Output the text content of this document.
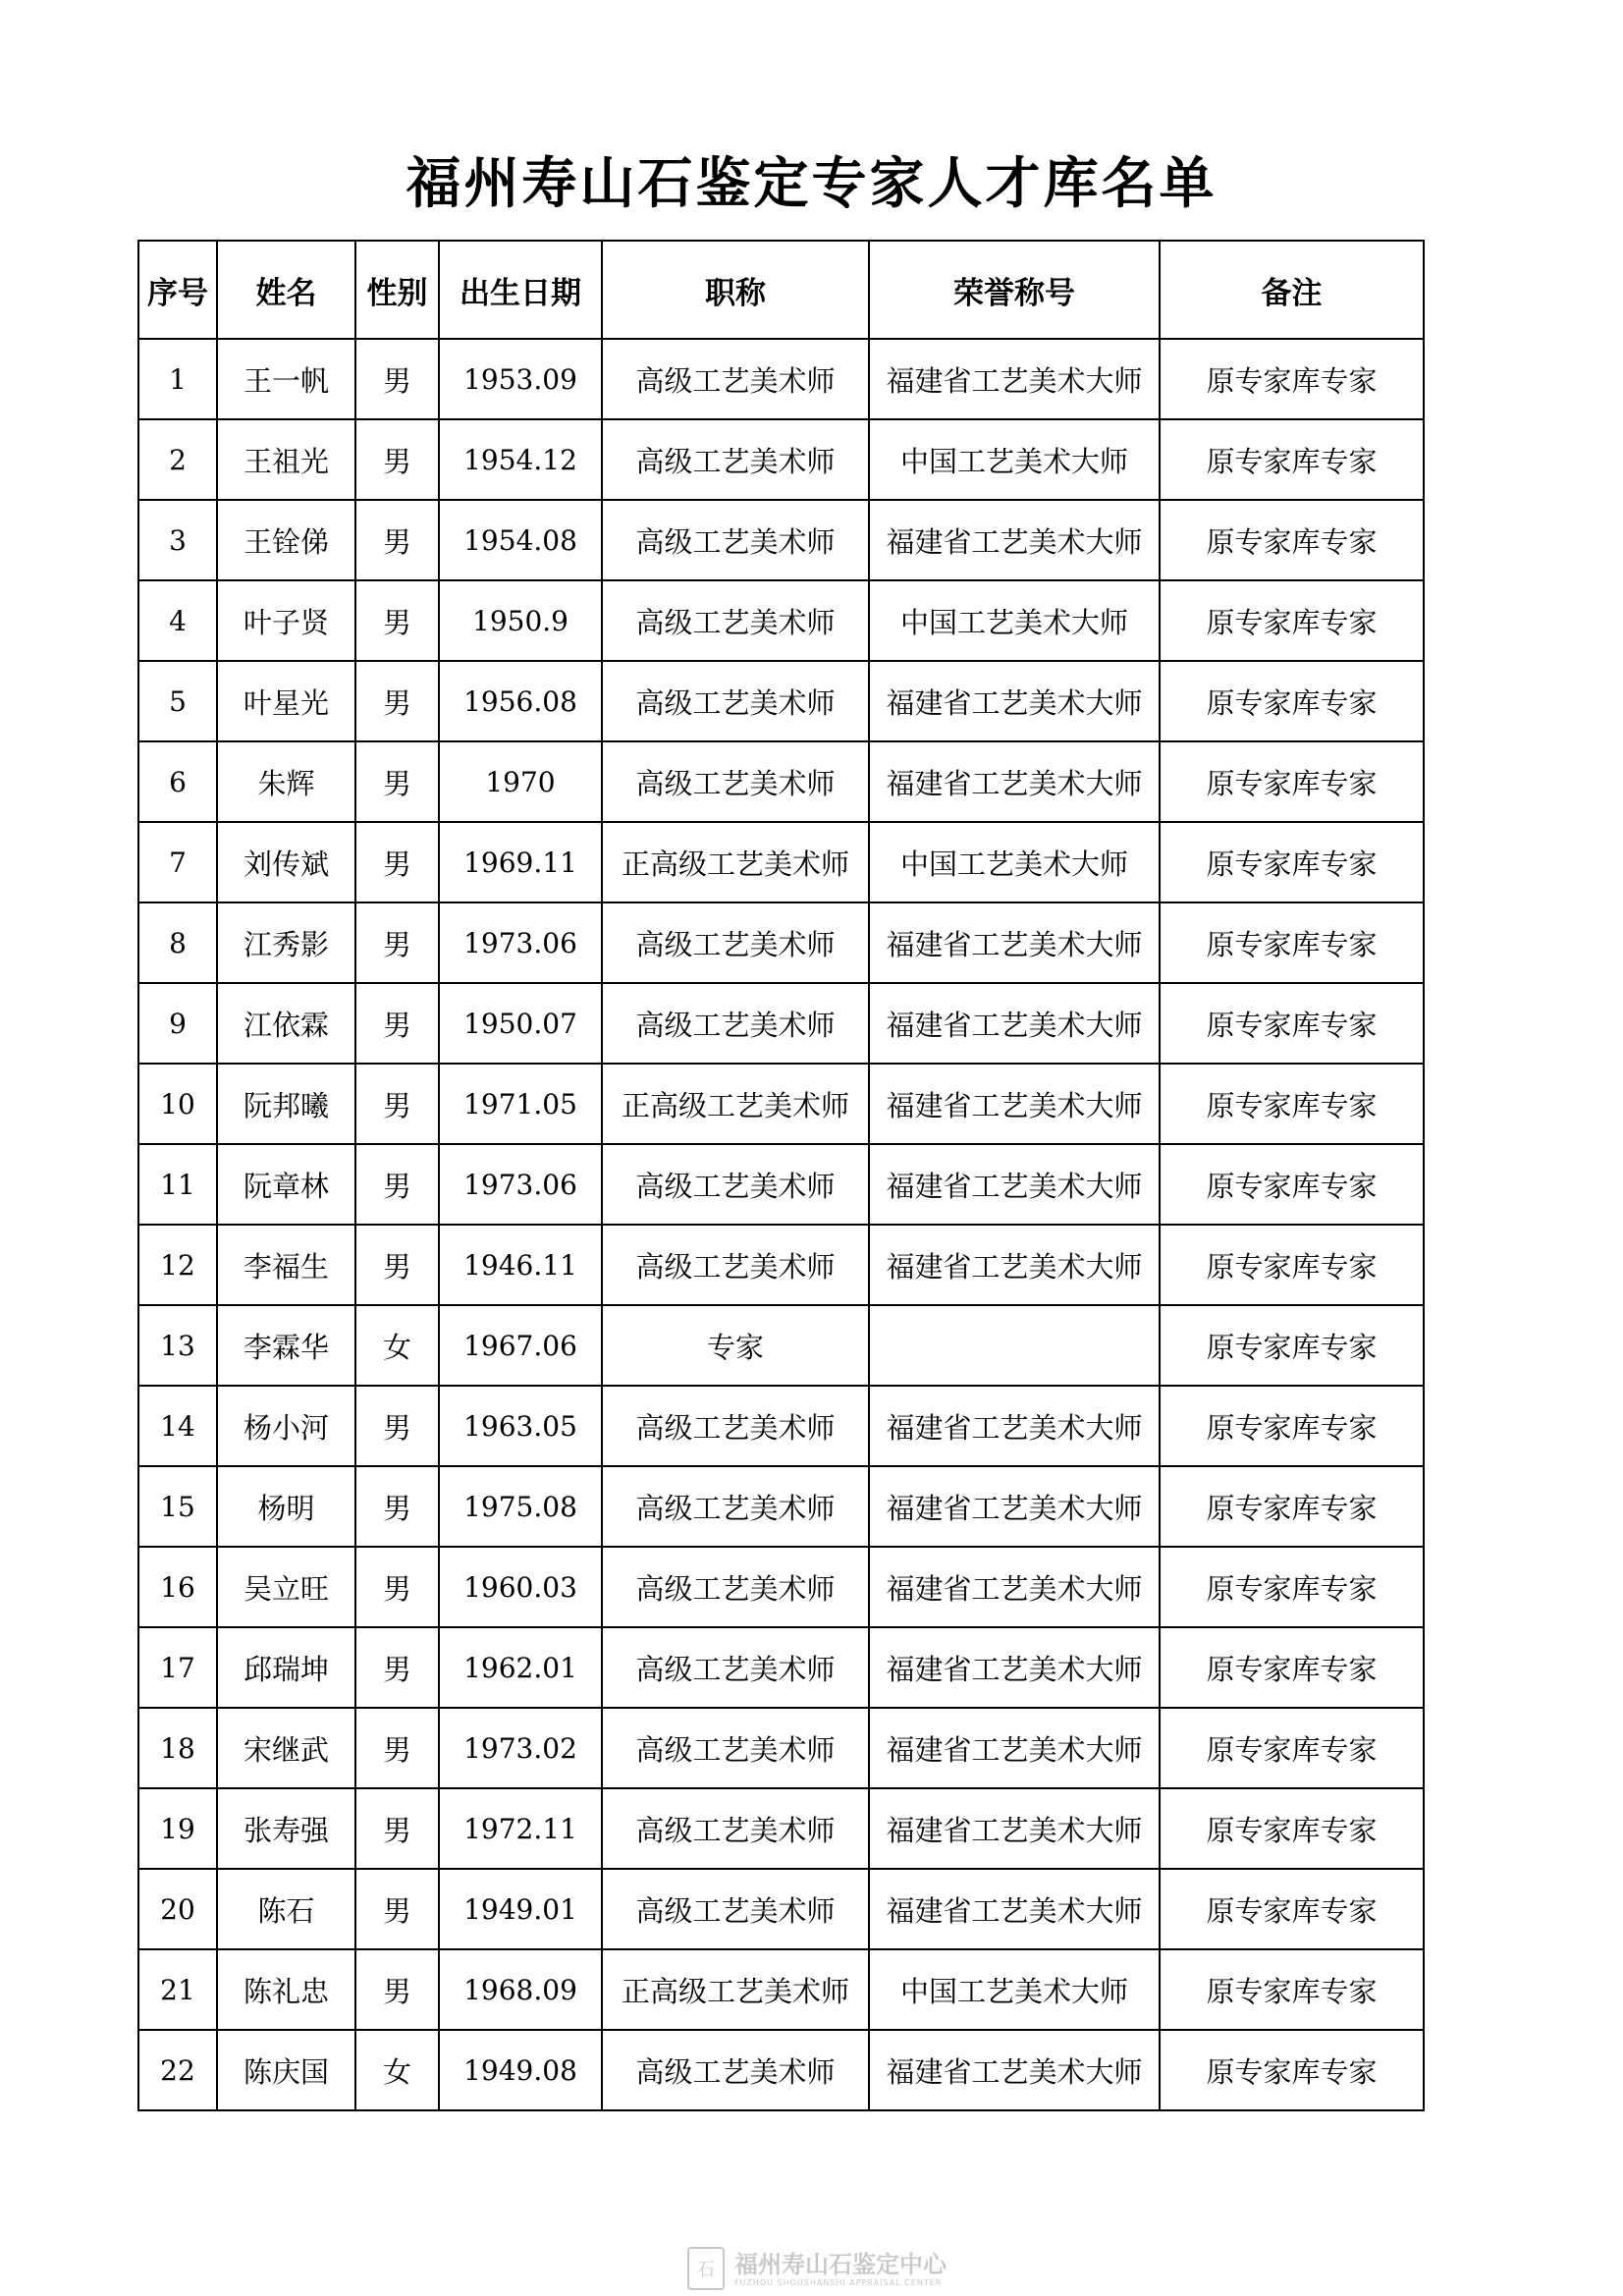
福州寿山石鉴定专家人才库名单
序号	姓名	性别	出生日期	职称	荣誉称号	备注
1	王一帆	男	1953.09	高级工艺美术师	福建省工艺美术大师	原专家库专家
2	王祖光	男	1954.12	高级工艺美术师	中国工艺美术大师	原专家库专家
3	王铨俤	男	1954.08	高级工艺美术师	福建省工艺美术大师	原专家库专家
4	叶子贤	男	1950.9	高级工艺美术师	中国工艺美术大师	原专家库专家
5	叶星光	男	1956.08	高级工艺美术师	福建省工艺美术大师	原专家库专家
6	朱辉	男	1970	高级工艺美术师	福建省工艺美术大师	原专家库专家
7	刘传斌	男	1969.11	正高级工艺美术师	中国工艺美术大师	原专家库专家
8	江秀影	男	1973.06	高级工艺美术师	福建省工艺美术大师	原专家库专家
9	江依霖	男	1950.07	高级工艺美术师	福建省工艺美术大师	原专家库专家
10	阮邦曦	男	1971.05	正高级工艺美术师	福建省工艺美术大师	原专家库专家
11	阮章林	男	1973.06	高级工艺美术师	福建省工艺美术大师	原专家库专家
12	李福生	男	1946.11	高级工艺美术师	福建省工艺美术大师	原专家库专家
13	李霖华	女	1967.06	专家		原专家库专家
14	杨小河	男	1963.05	高级工艺美术师	福建省工艺美术大师	原专家库专家
15	杨明	男	1975.08	高级工艺美术师	福建省工艺美术大师	原专家库专家
16	吴立旺	男	1960.03	高级工艺美术师	福建省工艺美术大师	原专家库专家
17	邱瑞坤	男	1962.01	高级工艺美术师	福建省工艺美术大师	原专家库专家
18	宋继武	男	1973.02	高级工艺美术师	福建省工艺美术大师	原专家库专家
19	张寿强	男	1972.11	高级工艺美术师	福建省工艺美术大师	原专家库专家
20	陈石	男	1949.01	高级工艺美术师	福建省工艺美术大师	原专家库专家
21	陈礼忠	男	1968.09	正高级工艺美术师	中国工艺美术大师	原专家库专家
22	陈庆国	女	1949.08	高级工艺美术师	福建省工艺美术大师	原专家库专家
石 福州寿山石鉴定中心
FUZHOU SHOUSHANSHI APPRAISAL CENTER
